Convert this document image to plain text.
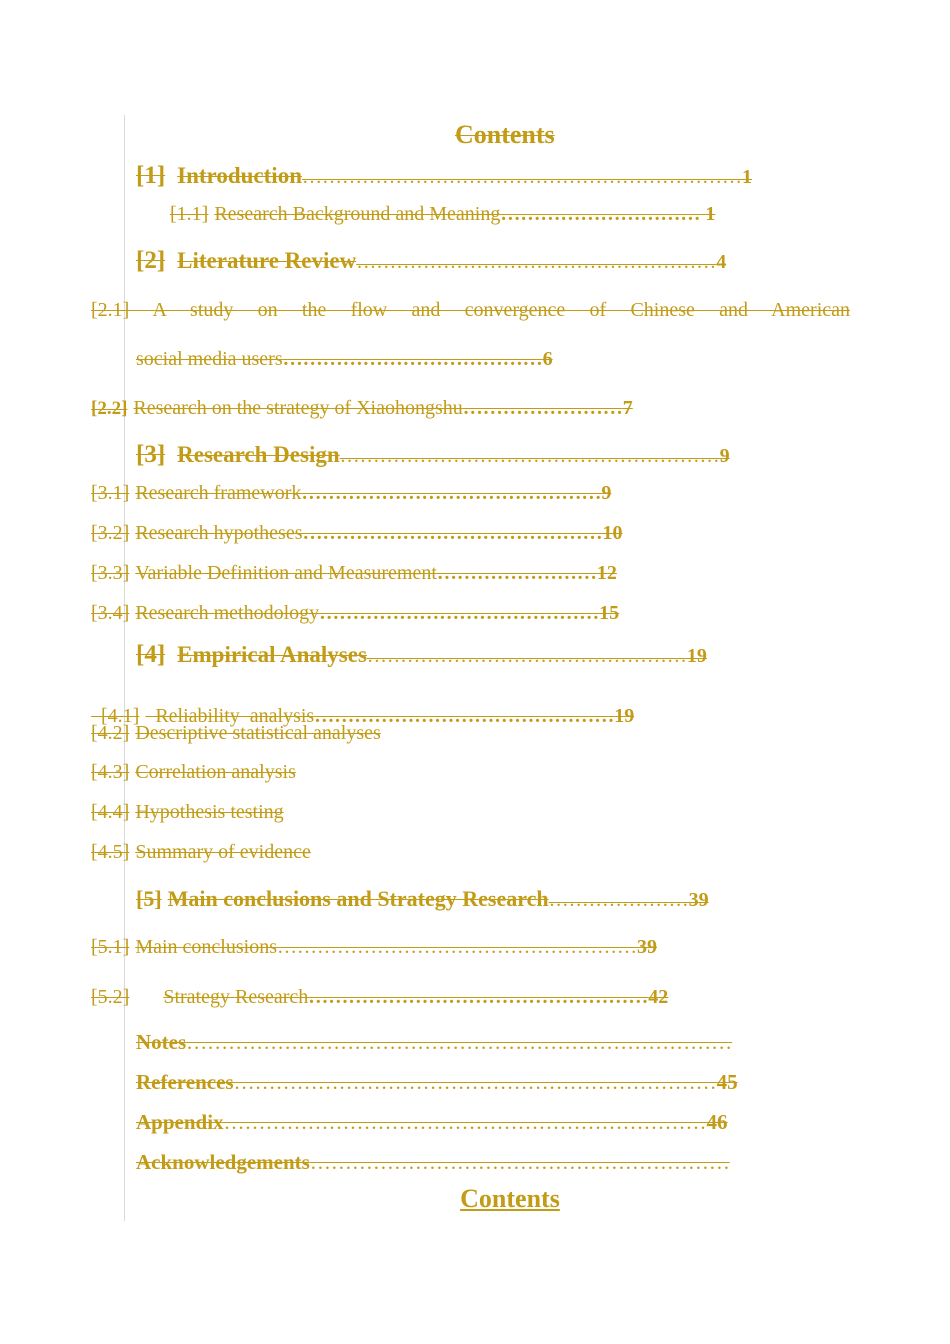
Contents
[1] Introduction…………………………………………………………1
[1.1] Research Background and Meaning………………………… 1
[2] Literature Review………………………………………………4
[2.1] A study on the flow and convergence of Chinese and American
social media users…………………………………6
[2.2] Research on the strategy of Xiaohongshu……………………7
[3] Research Design…………………………………………………9
[3.1] Research framework………………………………………9
[3.2] Research hypotheses………………………………………10
[3.3] Variable Definition and Measurement……………………12
[3.4] Research methodology……………………………………15
[4] Empirical Analyses…………………………………………19

[4.1]  Reliability  analysis………………………………………19

[4.2] Descriptive statistical analyses
[4.3] Correlation analysis
[4.4] Hypothesis testing
[4.5] Summary of evidence
[5] Main conclusions and Strategy Research…………………39
[5.1] Main conclusions………………………………………………39
[5.2] Strategy Research……………………………………………42
Notes……………………………………………………………………
References……………………………………………………………45
Appendix……………………………………………………………46
Acknowledgements……………………………………………………
Contents
